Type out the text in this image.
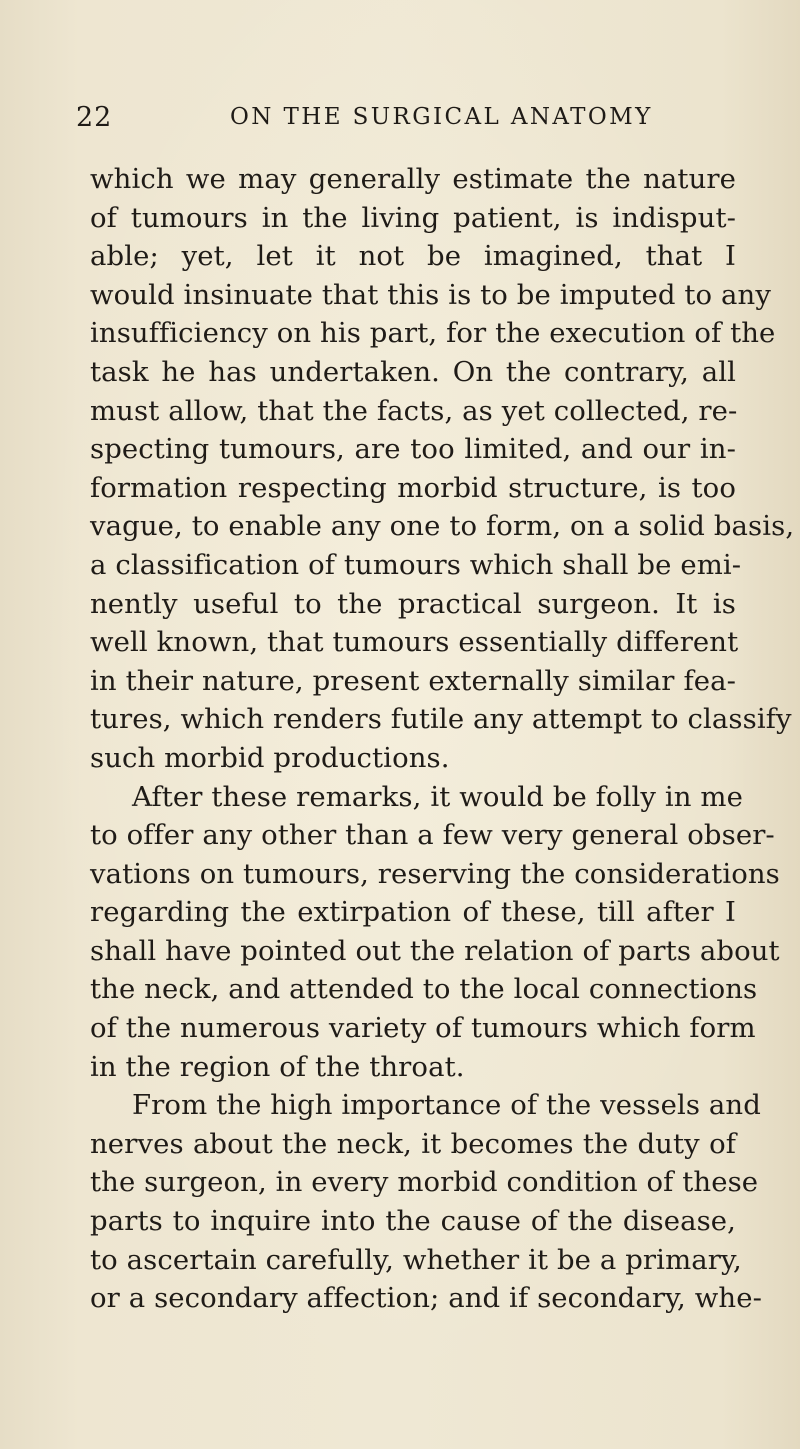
22	ON THE SURGICAL ANATOMY
which we may generally estimate the nature
of tumours in the living patient, is indisput-
able; yet, let it not be imagined, that I
would insinuate that this is to be imputed to any
insufficiency on his part, for the execution of the
task he has undertaken. On the contrary, all
must allow, that the facts, as yet collected, re-
specting tumours, are too limited, and our in-
formation respecting morbid structure, is too
vague, to enable any one to form, on a solid basis,
a classification of tumours which shall be emi-
nently useful to the practical surgeon. It is
well known, that tumours essentially different
in their nature, present externally similar fea-
tures, which renders futile any attempt to classify
such morbid productions.
After these remarks, it would be folly in me
to offer any other than a few very general obser-
vations on tumours, reserving the considerations
regarding the extirpation of these, till after I
shall have pointed out the relation of parts about
the neck, and attended to the local connections
of the numerous variety of tumours which form
in the region of the throat.
From the high importance of the vessels and
nerves about the neck, it becomes the duty of
the surgeon, in every morbid condition of these
parts to inquire into the cause of the disease,
to ascertain carefully, whether it be a primary,
or a secondary affection; and if secondary, whe-
